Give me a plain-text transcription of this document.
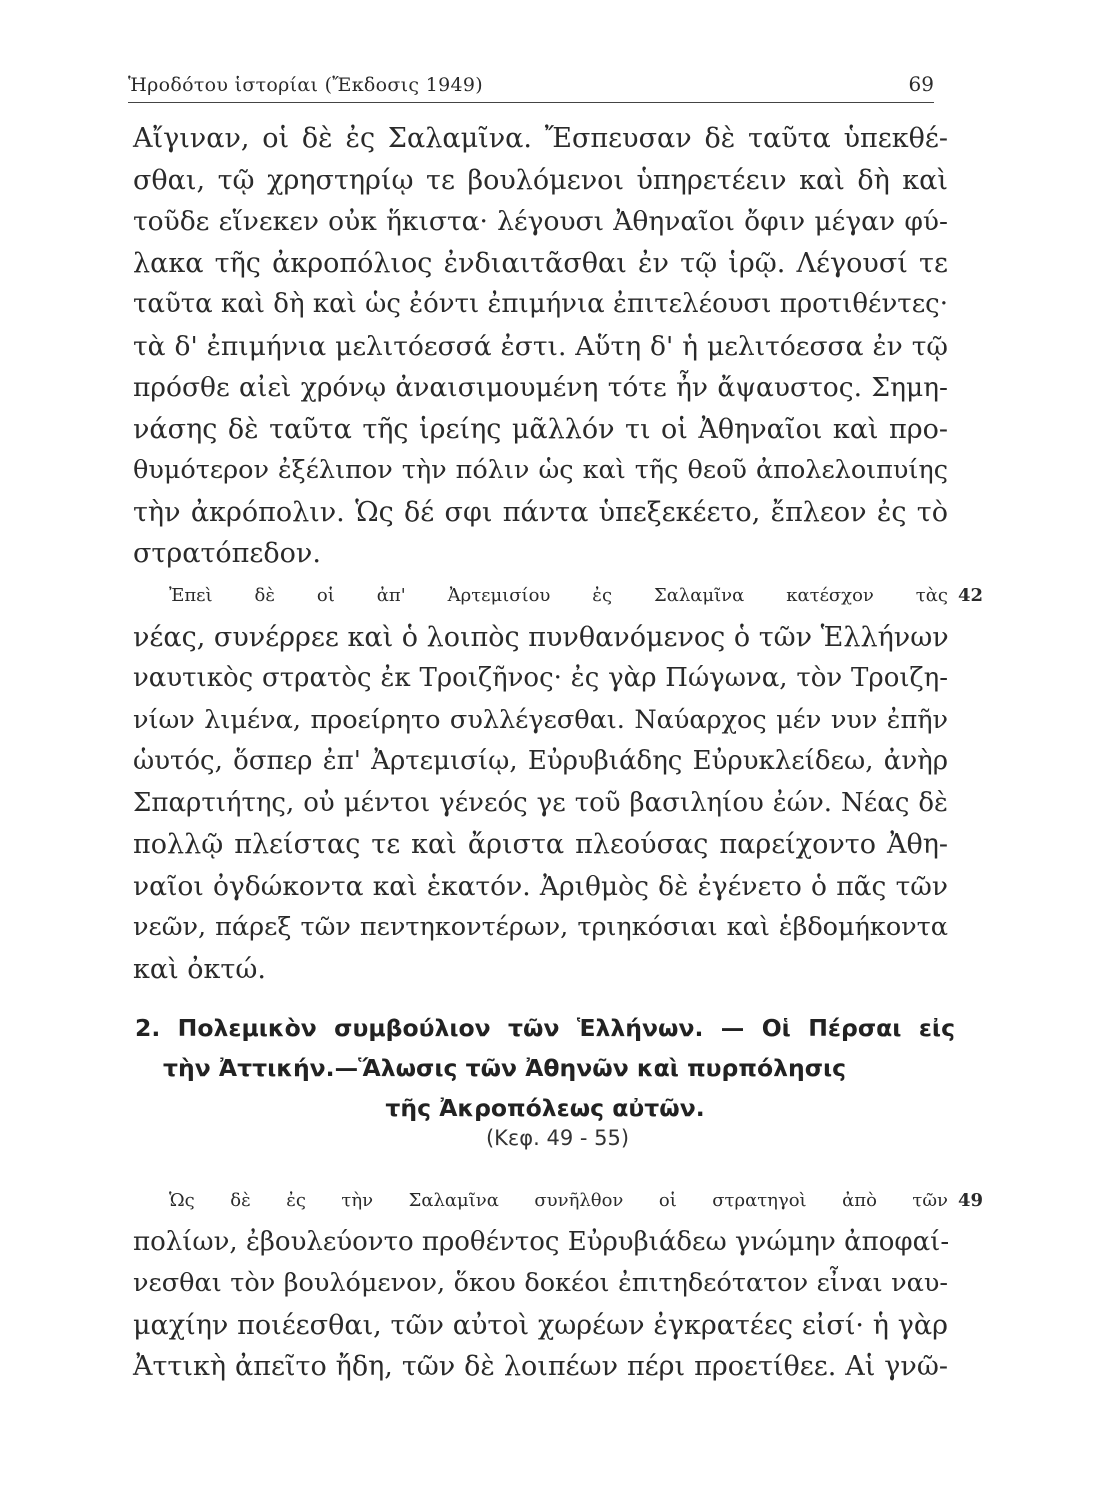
Ἡροδότου ἱστορίαι (Ἔκδοσις 1949)	69
Αἴγιναν, οἱ δὲ ἐς Σαλαμῖνα. Ἔσπευσαν δὲ ταῦτα ὑπεκθέ-
σθαι, τῷ χρηστηρίῳ τε βουλόμενοι ὑπηρετέειν καὶ δὴ καὶ
τοῦδε εἵνεκεν οὐκ ἥκιστα· λέγουσι Ἀθηναῖοι ὄφιν μέγαν φύ-
λακα τῆς ἀκροπόλιος ἐνδιαιτᾶσθαι ἐν τῷ ἱρῷ. Λέγουσί τε
ταῦτα καὶ δὴ καὶ ὡς ἐόντι ἐπιμήνια ἐπιτελέουσι προτιθέντες·
τὰ δ' ἐπιμήνια μελιτόεσσά ἐστι. Αὕτη δ' ἡ μελιτόεσσα ἐν τῷ
πρόσθε αἰεὶ χρόνῳ ἀναισιμουμένη τότε ἦν ἄψαυστος. Σημη-
νάσης δὲ ταῦτα τῆς ἱρείης μᾶλλόν τι οἱ Ἀθηναῖοι καὶ προ-
θυμότερον ἐξέλιπον τὴν πόλιν ὡς καὶ τῆς θεοῦ ἀπολελοιπυίης
τὴν ἀκρόπολιν. Ὡς δέ σφι πάντα ὑπεξεκέετο, ἔπλεον ἐς τὸ
στρατόπεδον.
Ἐπεὶ δὲ οἱ ἀπ' Ἀρτεμισίου ἐς Σαλαμῖνα κατέσχον τὰς 42
νέας, συνέρρεε καὶ ὁ λοιπὸς πυνθανόμενος ὁ τῶν Ἑλλήνων
ναυτικὸς στρατὸς ἐκ Τροιζῆνος· ἐς γὰρ Πώγωνα, τὸν Τροιζη-
νίων λιμένα, προείρητο συλλέγεσθαι. Ναύαρχος μέν νυν ἐπῆν
ὡυτός, ὅσπερ ἐπ' Ἀρτεμισίῳ, Εὐρυβιάδης Εὐρυκλείδεω, ἀνὴρ
Σπαρτιήτης, οὐ μέντοι γένεός γε τοῦ βασιληίου ἐών. Νέας δὲ
πολλῷ πλείστας τε καὶ ἄριστα πλεούσας παρείχοντο Ἀθη-
ναῖοι ὀγδώκοντα καὶ ἑκατόν. Ἀριθμὸς δὲ ἐγένετο ὁ πᾶς τῶν
νεῶν, πάρεξ τῶν πεντηκοντέρων, τριηκόσιαι καὶ ἑβδομήκοντα
καὶ ὀκτώ.
2. Πολεμικὸν συμβούλιον τῶν Ἑλλήνων. — Οἱ Πέρσαι εἰς
τὴν Ἀττικήν.—Ἅλωσις τῶν Ἀθηνῶν καὶ πυρπόλησις
τῆς Ἀκροπόλεως αὐτῶν.
(Κεφ. 49 - 55)
Ὡς δὲ ἐς τὴν Σαλαμῖνα συνῆλθον οἱ στρατηγοὶ ἀπὸ τῶν 49
πολίων, ἐβουλεύοντο προθέντος Εὐρυβιάδεω γνώμην ἀποφαί-
νεσθαι τὸν βουλόμενον, ὅκου δοκέοι ἐπιτηδεότατον εἶναι ναυ-
μαχίην ποιέεσθαι, τῶν αὐτοὶ χωρέων ἐγκρατέες εἰσί· ἡ γὰρ
Ἀττικὴ ἀπεῖτο ἤδη, τῶν δὲ λοιπέων πέρι προετίθεε. Αἱ γνῶ-
